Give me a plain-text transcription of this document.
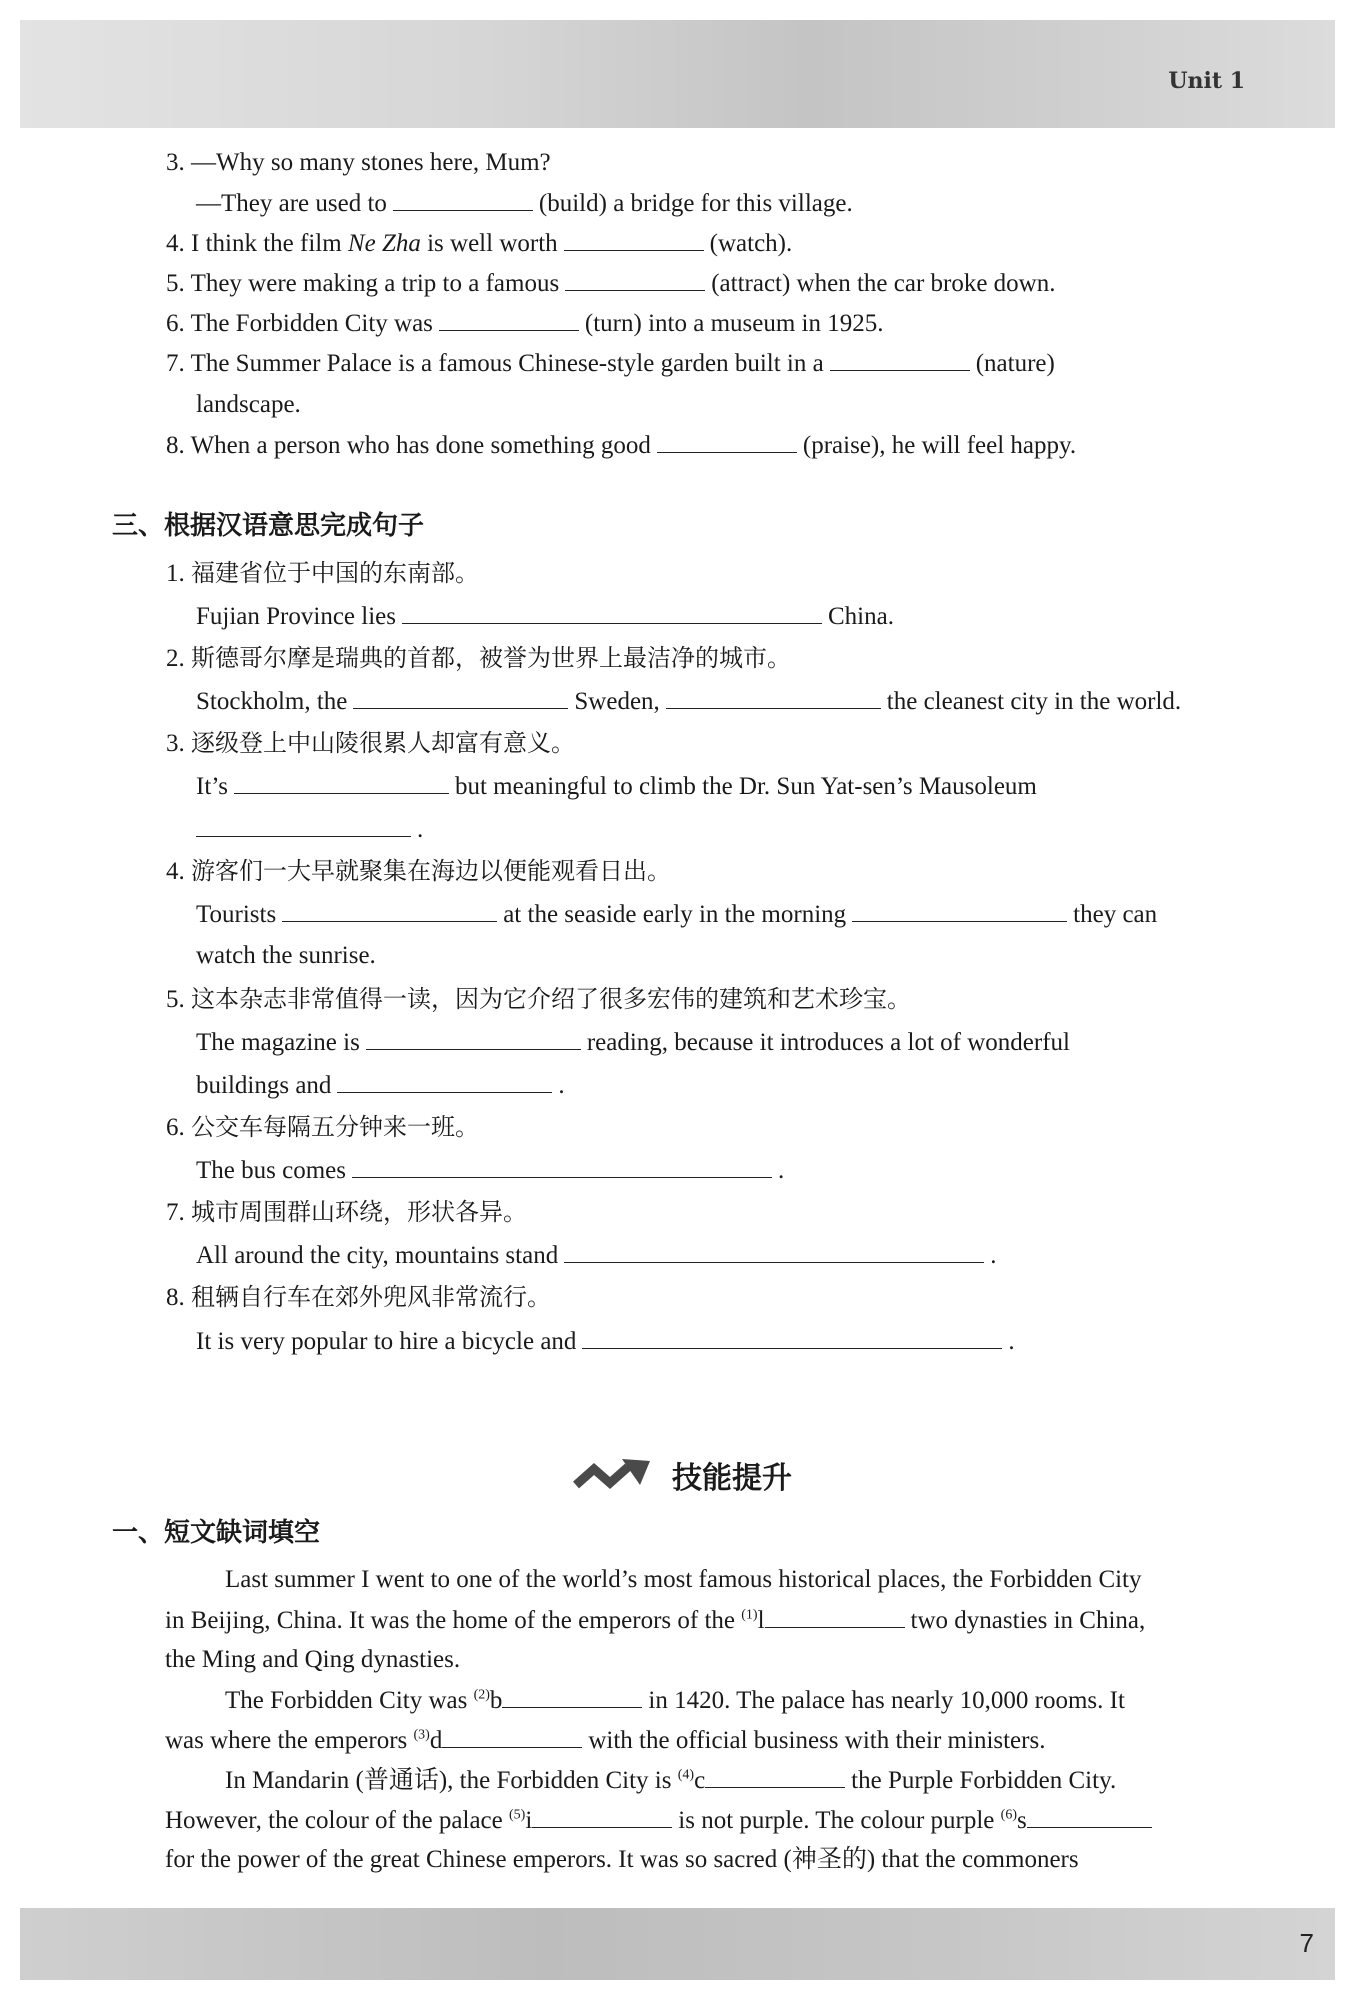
Unit 1
3. —Why so many stones here, Mum?
—They are used to	(build) a bridge for this village.
4. I think the film Ne Zha is well worth	(watch).
5. They were making a trip to a famous	(attract) when the car broke down.
6. The Forbidden City was	(turn) into a museum in 1925.
7. The Summer Palace is a famous Chinese-style garden built in a	(nature)
landscape.
8. When a person who has done something good	(praise), he will feel happy.
三、根据汉语意思完成句子
1. 福建省位于中国的东南部。
Fujian Province lies	China.
2. 斯德哥尔摩是瑞典的首都，被誉为世界上最洁净的城市。
Stockholm, the	Sweden,	the cleanest city in the world.
3. 逐级登上中山陵很累人却富有意义。
It’s	but meaningful to climb the Dr. Sun Yat-sen’s Mausoleum
.
4. 游客们一大早就聚集在海边以便能观看日出。
Tourists	at the seaside early in the morning	they can
watch the sunrise.
5. 这本杂志非常值得一读，因为它介绍了很多宏伟的建筑和艺术珍宝。
The magazine is	reading, because it introduces a lot of wonderful
buildings and	.
6. 公交车每隔五分钟来一班。
The bus comes	.
7. 城市周围群山环绕，形状各异。
All around the city, mountains stand	.
8. 租辆自行车在郊外兜风非常流行。
It is very popular to hire a bicycle and	.
技能提升
一、短文缺词填空
Last summer I went to one of the world’s most famous historical places, the Forbidden City
in Beijing, China. It was the home of the emperors of the $^{(1)}$l	two dynasties in China,
the Ming and Qing dynasties.
The Forbidden City was $^{(2)}$b	in 1420. The palace has nearly 10,000 rooms. It
was where the emperors $^{(3)}$d	with the official business with their ministers.
In Mandarin (普通话), the Forbidden City is $^{(4)}$c	the Purple Forbidden City.
However, the colour of the palace $^{(5)}$i	is not purple. The colour purple $^{(6)}$s
for the power of the great Chinese emperors. It was so sacred (神圣的) that the commoners
7
